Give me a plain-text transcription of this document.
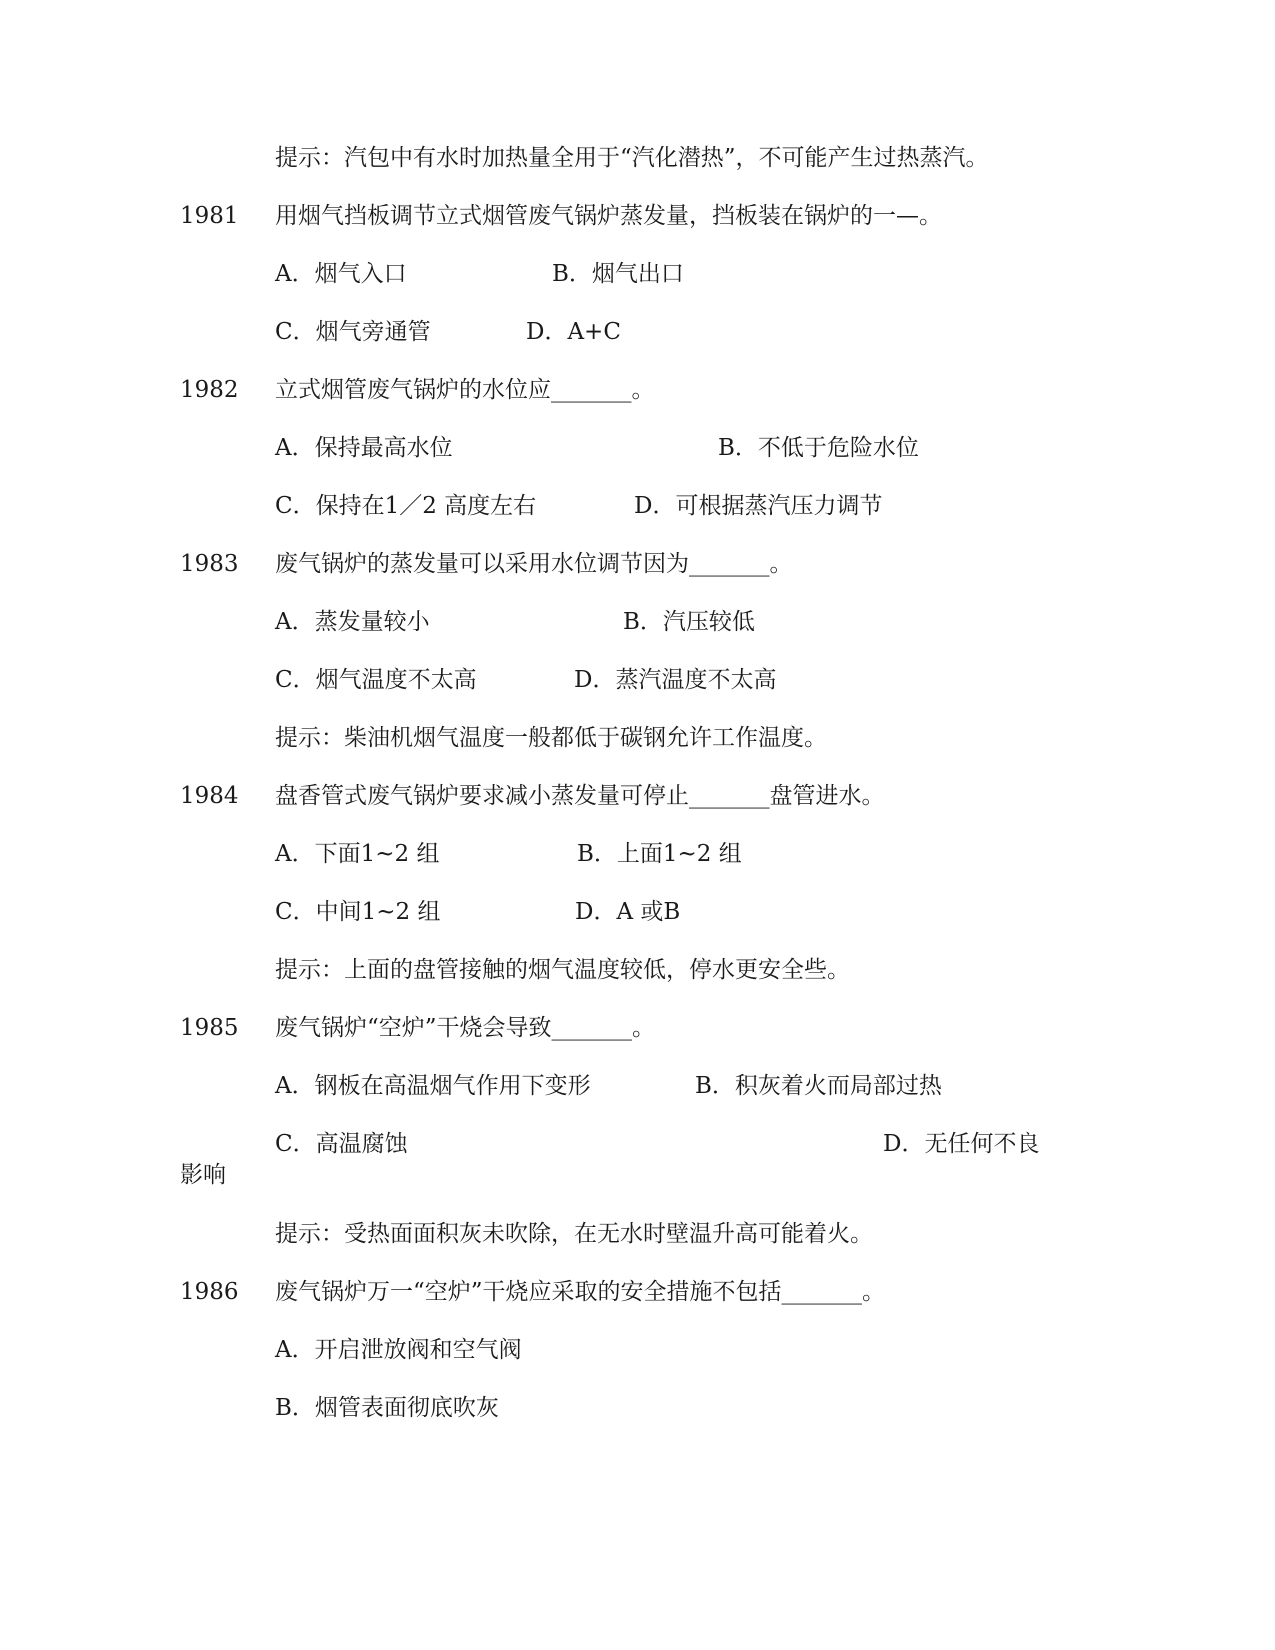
提示：汽包中有水时加热量全用于“汽化潜热”，不可能产生过热蒸汽。
1981 用烟气挡板调节立式烟管废气锅炉蒸发量，挡板装在锅炉的一—。
A．烟气入口	B．烟气出口
C．烟气旁通管	D．A+C
1982 立式烟管废气锅炉的水位应_______。
A．保持最高水位	B．不低于危险水位
C．保持在1／2 高度左右	D．可根据蒸汽压力调节
1983 废气锅炉的蒸发量可以采用水位调节因为_______。
A．蒸发量较小	B．汽压较低
C．烟气温度不太高	D．蒸汽温度不太高
提示：柴油机烟气温度一般都低于碳钢允许工作温度。
1984 盘香管式废气锅炉要求减小蒸发量可停止_______盘管进水。
A．下面1~2 组	B．上面1~2 组
C．中间1~2 组	D．A 或B
提示：上面的盘管接触的烟气温度较低，停水更安全些。
1985 废气锅炉“空炉”干烧会导致_______。
A．钢板在高温烟气作用下变形	B．积灰着火而局部过热
C．高温腐蚀	D．无任何不良
影响
提示：受热面面积灰未吹除，在无水时壁温升高可能着火。
1986 废气锅炉万一“空炉”干烧应采取的安全措施不包括_______。
A．开启泄放阀和空气阀
B．烟管表面彻底吹灰
